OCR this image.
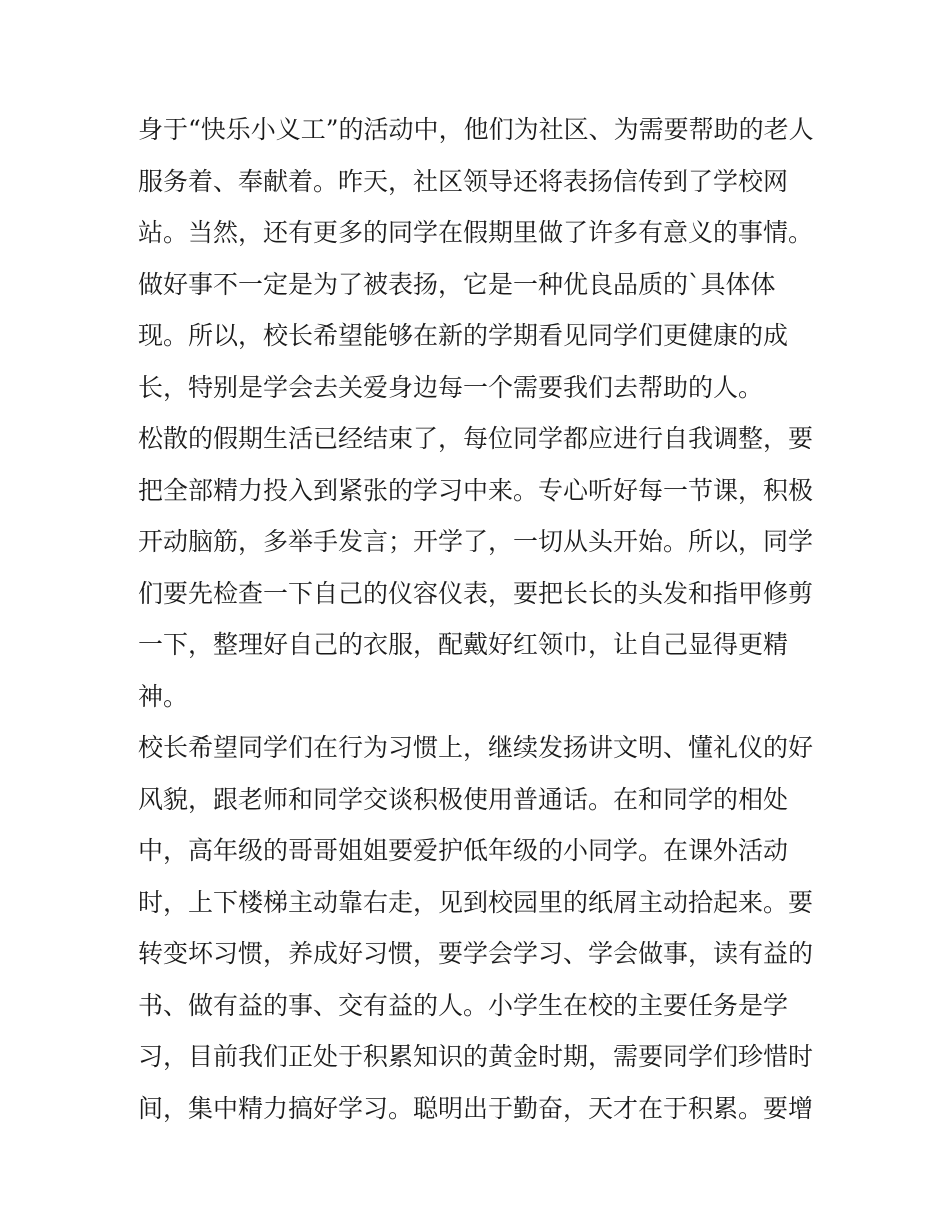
身于“快乐小义工”的活动中，他们为社区、为需要帮助的老人
服务着、奉献着。昨天，社区领导还将表扬信传到了学校网
站。当然，还有更多的同学在假期里做了许多有意义的事情。
做好事不一定是为了被表扬，它是一种优良品质的`具体体
现。所以，校长希望能够在新的学期看见同学们更健康的成
长，特别是学会去关爱身边每一个需要我们去帮助的人。
松散的假期生活已经结束了，每位同学都应进行自我调整，要
把全部精力投入到紧张的学习中来。专心听好每一节课，积极
开动脑筋，多举手发言；开学了，一切从头开始。所以，同学
们要先检查一下自己的仪容仪表，要把长长的头发和指甲修剪
一下，整理好自己的衣服，配戴好红领巾，让自己显得更精
神。
校长希望同学们在行为习惯上，继续发扬讲文明、懂礼仪的好
风貌，跟老师和同学交谈积极使用普通话。在和同学的相处
中，高年级的哥哥姐姐要爱护低年级的小同学。在课外活动
时，上下楼梯主动靠右走，见到校园里的纸屑主动拾起来。要
转变坏习惯，养成好习惯，要学会学习、学会做事，读有益的
书、做有益的事、交有益的人。小学生在校的主要任务是学
习，目前我们正处于积累知识的黄金时期，需要同学们珍惜时
间，集中精力搞好学习。聪明出于勤奋，天才在于积累。要增
